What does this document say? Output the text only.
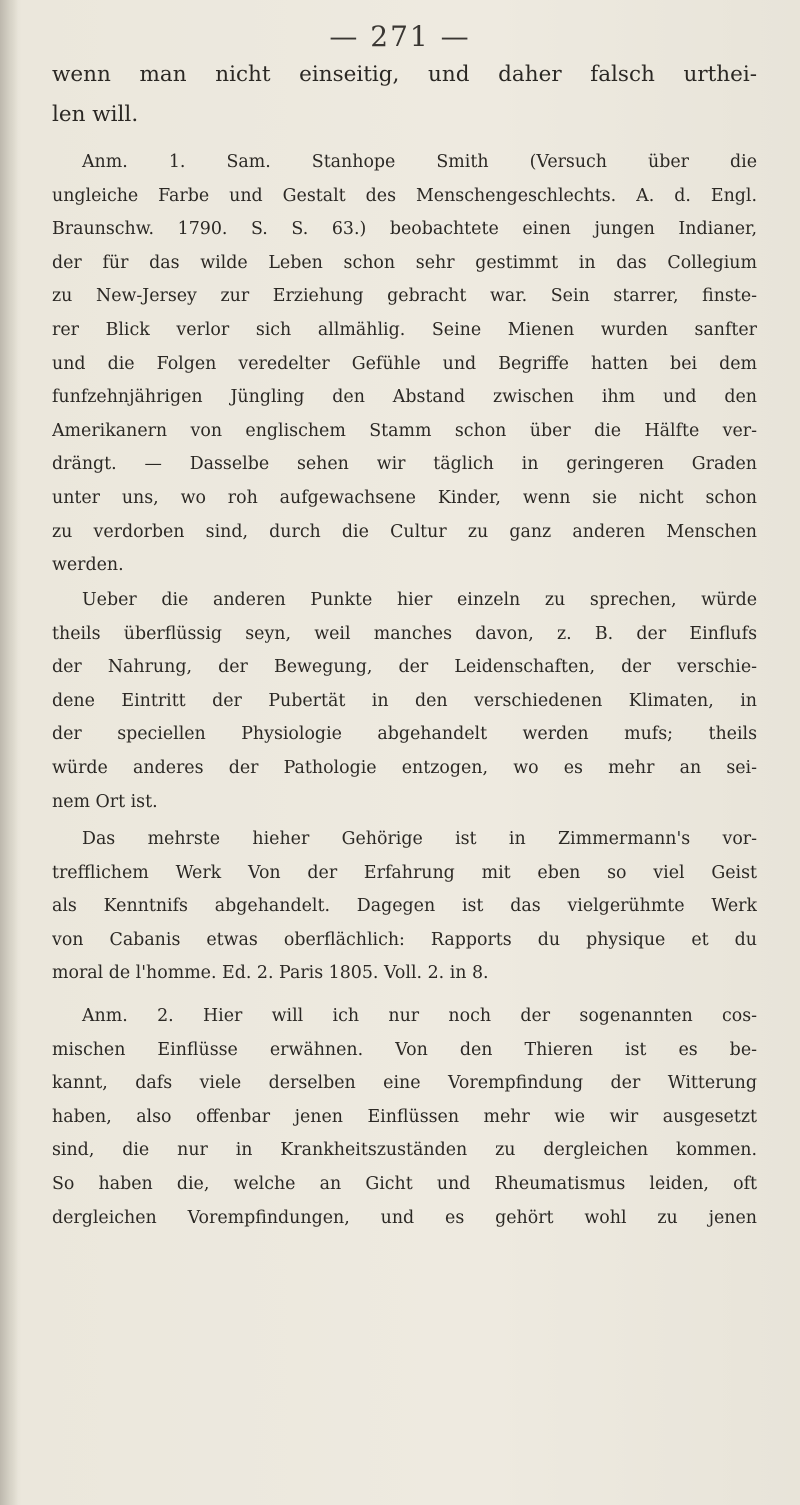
— 271 —
wenn man nicht einseitig, und daher falsch urthei-
len will.
Anm. 1. Sam. Stanhope Smith (Versuch über die
ungleiche Farbe und Gestalt des Menschengeschlechts. A. d. Engl.
Braunschw. 1790. S. S. 63.) beobachtete einen jungen Indianer,
der für das wilde Leben schon sehr gestimmt in das Collegium
zu New-Jersey zur Erziehung gebracht war. Sein starrer, finste-
rer Blick verlor sich allmählig. Seine Mienen wurden sanfter
und die Folgen veredelter Gefühle und Begriffe hatten bei dem
funfzehnjährigen Jüngling den Abstand zwischen ihm und den
Amerikanern von englischem Stamm schon über die Hälfte ver-
drängt. — Dasselbe sehen wir täglich in geringeren Graden
unter uns, wo roh aufgewachsene Kinder, wenn sie nicht schon
zu verdorben sind, durch die Cultur zu ganz anderen Menschen
werden.
Ueber die anderen Punkte hier einzeln zu sprechen, würde
theils überflüssig seyn, weil manches davon, z. B. der Einflufs
der Nahrung, der Bewegung, der Leidenschaften, der verschie-
dene Eintritt der Pubertät in den verschiedenen Klimaten, in
der speciellen Physiologie abgehandelt werden mufs; theils
würde anderes der Pathologie entzogen, wo es mehr an sei-
nem Ort ist.
Das mehrste hieher Gehörige ist in Zimmermann's vor-
trefflichem Werk Von der Erfahrung mit eben so viel Geist
als Kenntnifs abgehandelt. Dagegen ist das vielgerühmte Werk
von Cabanis etwas oberflächlich: Rapports du physique et du
moral de l'homme. Ed. 2. Paris 1805. Voll. 2. in 8.
Anm. 2. Hier will ich nur noch der sogenannten cos-
mischen Einflüsse erwähnen. Von den Thieren ist es be-
kannt, dafs viele derselben eine Vorempfindung der Witterung
haben, also offenbar jenen Einflüssen mehr wie wir ausgesetzt
sind, die nur in Krankheitszuständen zu dergleichen kommen.
So haben die, welche an Gicht und Rheumatismus leiden, oft
dergleichen Vorempfindungen, und es gehört wohl zu jenen
